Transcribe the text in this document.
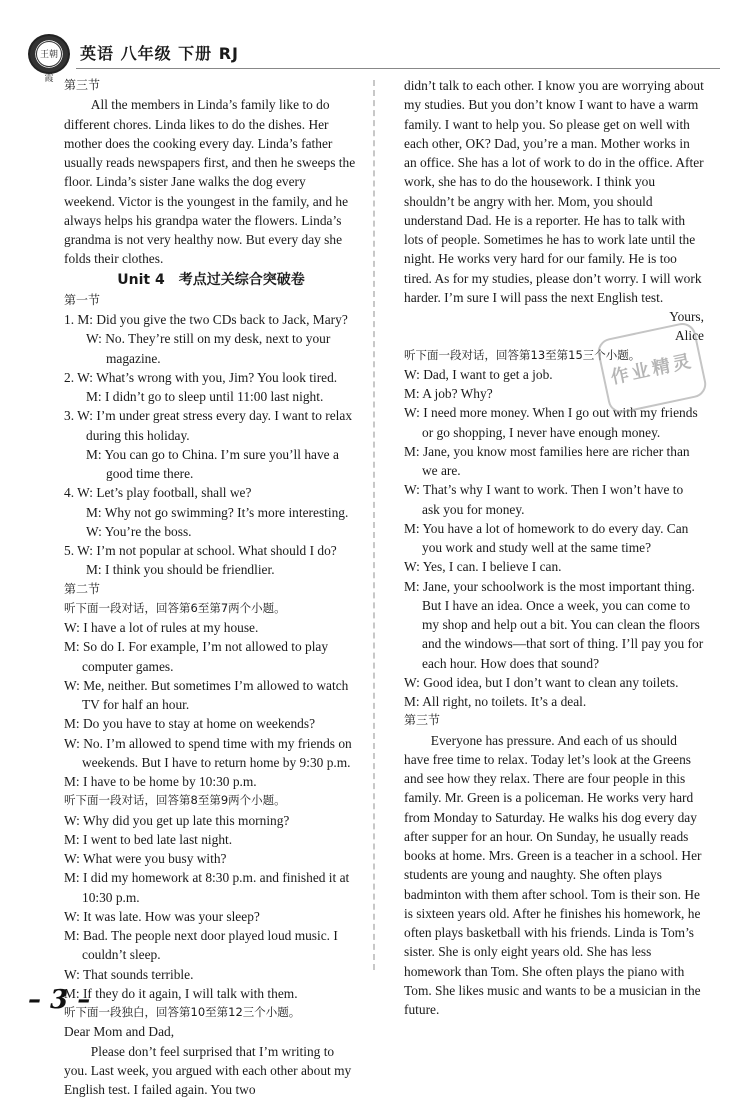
王朝霞
英语 八年级 下册 RJ

第三节

All the members in Linda’s family like to do different chores. Linda likes to do the dishes. Her mother does the cooking every day. Linda’s father usually reads newspapers first, and then he sweeps the floor. Linda’s sister Jane walks the dog every weekend. Victor is the youngest in the family, and he always helps his grandpa water the flowers. Linda’s grandma is not very healthy now. But every day she folds their clothes.

Unit 4　考点过关综合突破卷

第一节

1. M: Did you give the two CDs back to Jack, Mary?

W: No. They’re still on my desk, next to your magazine.

2. W: What’s wrong with you, Jim? You look tired.

M: I didn’t go to sleep until 11:00 last night.

3. W: I’m under great stress every day. I want to relax during this holiday.

M: You can go to China. I’m sure you’ll have a good time there.

4. W: Let’s play football, shall we?

M: Why not go swimming? It’s more interesting.

W: You’re the boss.

5. W: I’m not popular at school. What should I do?

M: I think you should be friendlier.

第二节

听下面一段对话，回答第6至第7两个小题。

W: I have a lot of rules at my house.

M: So do I. For example, I’m not allowed to play computer games.

W: Me, neither. But sometimes I’m allowed to watch TV for half an hour.

M: Do you have to stay at home on weekends?

W: No. I’m allowed to spend time with my friends on weekends. But I have to return home by 9:30 p.m.

M: I have to be home by 10:30 p.m.

听下面一段对话，回答第8至第9两个小题。

W: Why did you get up late this morning?

M: I went to bed late last night.

W: What were you busy with?

M: I did my homework at 8:30 p.m. and finished it at 10:30 p.m.

W: It was late. How was your sleep?

M: Bad. The people next door played loud music. I couldn’t sleep.

W: That sounds terrible.

M: If they do it again, I will talk with them.

听下面一段独白，回答第10至第12三个小题。

Dear Mom and Dad,

Please don’t feel surprised that I’m writing to you. Last week, you argued with each other about my English test. I failed again. You two

didn’t talk to each other. I know you are worrying about my studies. But you don’t know I want to have a warm family. I want to help you. So please get on well with each other, OK? Dad, you’re a man. Mother works in an office. She has a lot of work to do in the office. After work, she has to do the housework. I think you shouldn’t be angry with her. Mom, you should understand Dad. He is a reporter. He has to talk with lots of people. Sometimes he has to work late until the night. He works very hard for our family. He is too tired. As for my studies, please don’t worry. I will work harder. I’m sure I will pass the next English test.

Yours,

Alice

听下面一段对话，回答第13至第15三个小题。

W: Dad, I want to get a job.

M: A job? Why?

W: I need more money. When I go out with my friends or go shopping, I never have enough money.

M: Jane, you know most families here are richer than we are.

W: That’s why I want to work. Then I won’t have to ask you for money.

M: You have a lot of homework to do every day. Can you work and study well at the same time?

W: Yes, I can. I believe I can.

M: Jane, your schoolwork is the most important thing. But I have an idea. Once a week, you can come to my shop and help out a bit. You can clean the floors and the windows—that sort of thing. I’ll pay you for each hour. How does that sound?

W: Good idea, but I don’t want to clean any toilets.

M: All right, no toilets. It’s a deal.

第三节

Everyone has pressure. And each of us should have free time to relax. Today let’s look at the Greens and see how they relax. There are four people in this family. Mr. Green is a policeman. He works very hard from Monday to Saturday. He walks his dog every day after supper for an hour. On Sunday, he usually reads books at home. Mrs. Green is a teacher in a school. Her students are young and naughty. She often plays badminton with them after school. Tom is their son. He is sixteen years old. After he finishes his homework, he often plays basketball with his friends. Linda is Tom’s sister. She is only eight years old. She has less homework than Tom. She often plays the piano with Tom. She likes music and wants to be a musician in the future.

作业精灵
– 3 –
